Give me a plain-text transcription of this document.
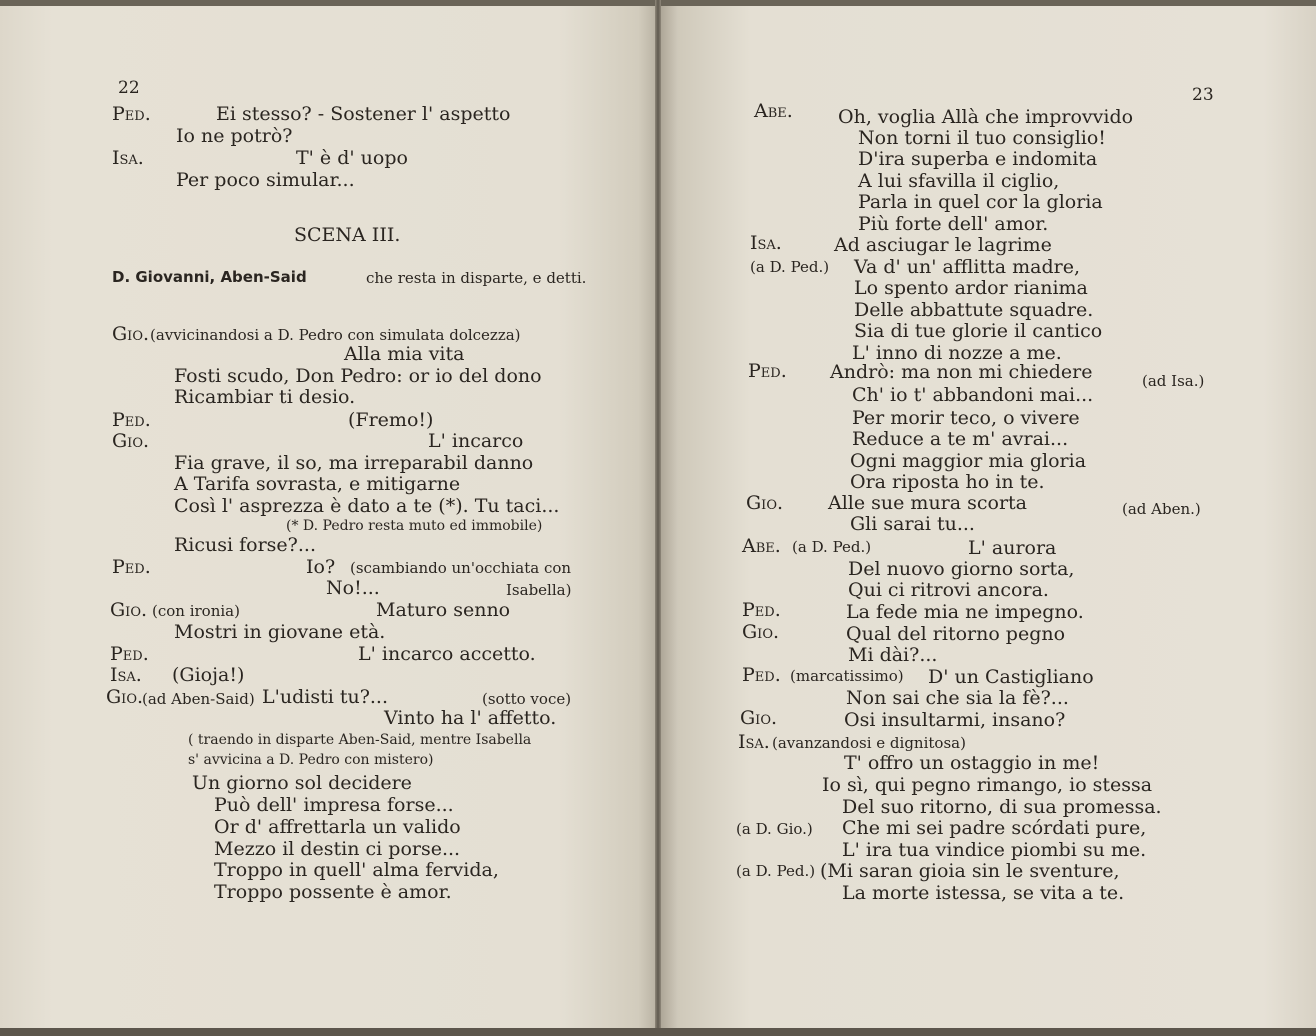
Ped.	Ei stesso? - Sostener l' aspetto
Io ne potrò?
Isa.	T' è d' uopo
Per poco simular...
SCENA III.
D. Giovanni, Aben-Said	che resta in disparte, e detti.
Gio. (avvicinandosi a D. Pedro con simulata dolcezza)
Alla mia vita
Fosti scudo, Don Pedro: or io del dono
Ricambiar ti desio.
Ped.	(Fremo!)
Gio.	L' incarco
Fia grave, il so, ma irreparabil danno
A Tarifa sovrasta, e mitigarne
Così l' asprezza è dato a te (*). Tu taci...
(* D. Pedro resta muto ed immobile)
Ricusi forse?...
Ped.	Io? (scambiando un'occhiata con
No!...	Isabella)
Gio. (con ironia)	Maturo senno
Mostri in giovane età.
Ped.	L' incarco accetto.
Isa. (Gioja!)
Gio.
(ad Aben-Said) L'udisti tu?...	(sotto voce)
Vinto ha l' affetto.
( traendo in disparte Aben-Said, mentre Isabella
s' avvicina a D. Pedro con mistero)
Un giorno sol decidere
Può dell' impresa forse...
Or d' affrettarla un valido
Mezzo il destin ci porse...
Troppo in quell' alma fervida,
Troppo possente è amor.
22
Abe. Oh, voglia Allà che improvvido
Non torni il tuo consiglio!
D'ira superba e indomita
A lui sfavilla il ciglio,
Parla in quel cor la gloria
Più forte dell' amor.
Isa.	Ad asciugar le lagrime
(a D. Ped.) Va d' un' afflitta madre,
Lo spento ardor rianima
Delle abbattute squadre.
Sia di tue glorie il cantico
L' inno di nozze a me.
Ped. Andrò: ma non mi chiedere	(ad Isa.)
Ch' io t' abbandoni mai...
Per morir teco, o vivere
Reduce a te m' avrai...
Ogni maggior mia gloria
Ora riposta ho in te.
Gio. Alle sue mura scorta	(ad Aben.)
Gli sarai tu...
Abe. (a D. Ped.)	L' aurora
Del nuovo giorno sorta,
Qui ci ritrovi ancora.
Ped.	La fede mia ne impegno.
Gio.	Qual del ritorno pegno
Mi dài?...
Ped. (marcatissimo) D' un Castigliano
Non sai che sia la fè?...
Gio.	Osi insultarmi, insano?
Isa. (avanzandosi e dignitosa)
T' offro un ostaggio in me!
Io sì, qui pegno rimango, io stessa
Del suo ritorno, di sua promessa.
(a D. Gio.) Che mi sei padre scórdati pure,
L' ira tua vindice piombi su me.
(a D. Ped.) (Mi saran gioia sin le sventure,
La morte istessa, se vita a te.
23
